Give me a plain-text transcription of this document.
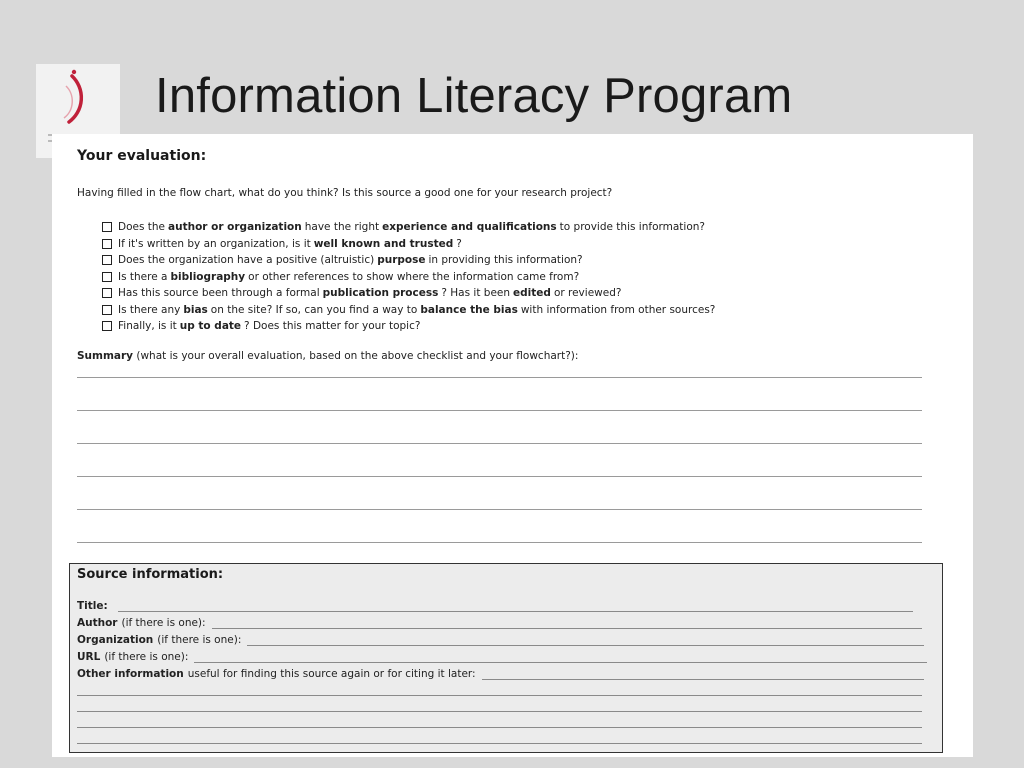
Information Literacy Program
Your evaluation:
Having filled in the flow chart, what do you think? Is this source a good one for your research project?
Does the author or organization have the right experience and qualifications to provide this information?
If it's written by an organization, is it well known and trusted ?
Does the organization have a positive (altruistic) purpose in providing this information?
Is there a bibliography or other references to show where the information came from?
Has this source been through a formal publication process ? Has it been edited or reviewed?
Is there any bias on the site? If so, can you find a way to balance the bias with information from other sources?
Finally, is it up to date ? Does this matter for your topic?
Summary (what is your overall evaluation, based on the above checklist and your flowchart?):
Source information:
Title:
Author (if there is one):
Organization (if there is one):
URL (if there is one):
Other information useful for finding this source again or for citing it later:
